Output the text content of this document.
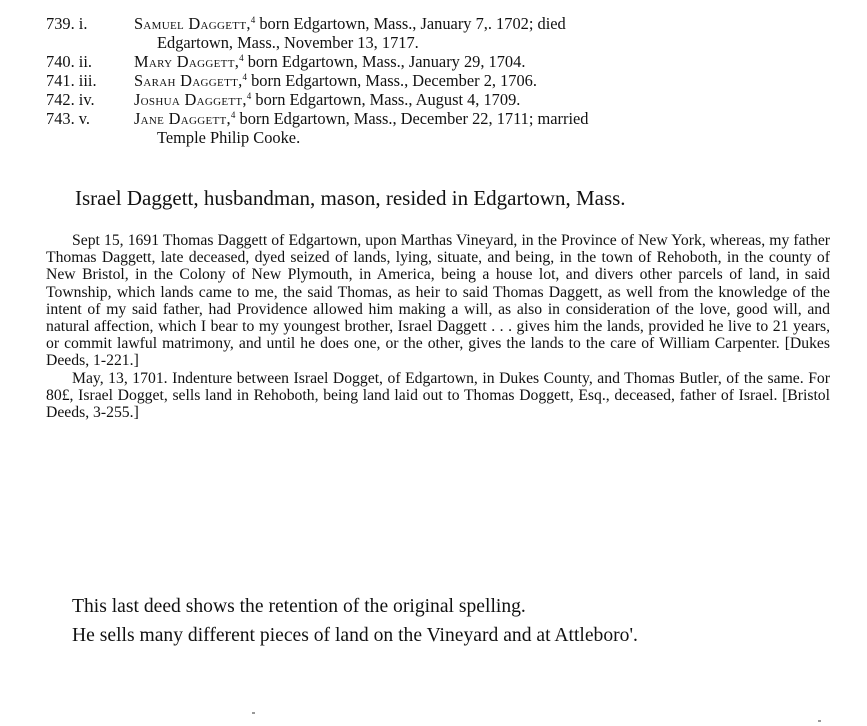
739. i.	Samuel Daggett,$^4$ born Edgartown, Mass., January 7,. 1702; died
Edgartown, Mass., November 13, 1717.
740. ii.	Mary Daggett,$^4$ born Edgartown, Mass., January 29, 1704.
741. iii. Sarah Daggett,$^4$ born Edgartown, Mass., December 2, 1706.
742. iv. Joshua Daggett,$^4$ born Edgartown, Mass., August 4, 1709.
743. v.	Jane Daggett,$^4$ born Edgartown, Mass., December 22, 1711; married
Temple Philip Cooke.
Israel Daggett, husbandman, mason, resided in Edgartown, Mass.

Sept 15, 1691 Thomas Daggett of Edgartown, upon Marthas Vineyard, in the Province of New York, whereas, my father Thomas Daggett, late deceased, dyed seized of lands, lying, situate, and being, in the town of Rehoboth, in the county of New Bristol, in the Colony of New Plymouth, in America, being a house lot, and divers other parcels of land, in said Township, which lands came to me, the said Thomas, as heir to said Thomas Daggett, as well from the knowledge of the intent of my said father, had Providence allowed him making a will, as also in consideration of the love, good will, and natural affection, which I bear to my youngest brother, Israel Daggett . . . gives him the lands, provided he live to 21 years, or commit lawful matrimony, and until he does one, or the other, gives the lands to the care of William Carpenter. [Dukes Deeds, 1-221.]

May, 13, 1701. Indenture between Israel Dogget, of Edgartown, in Dukes County, and Thomas Butler, of the same. For 80£, Israel Dogget, sells land in Rehoboth, being land laid out to Thomas Doggett, Esq., deceased, father of Israel. [Bristol Deeds, 3-255.]

This last deed shows the retention of the original spelling.

He sells many different pieces of land on the Vineyard and at Attleboro'.
